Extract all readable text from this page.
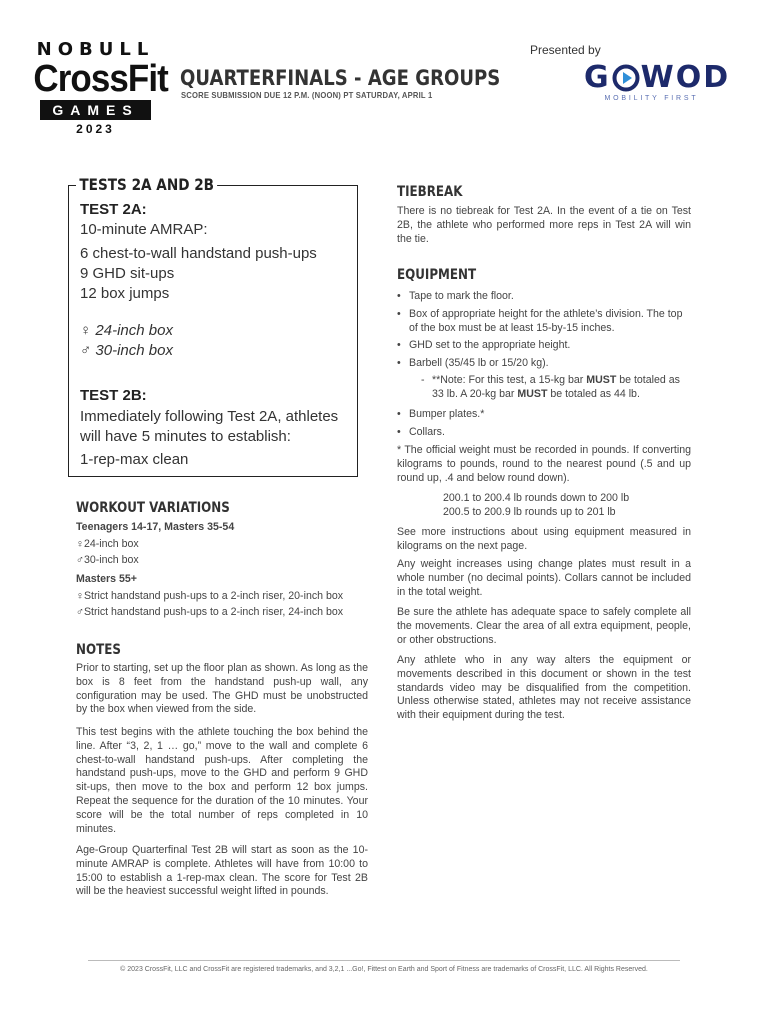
NOBULL
CrossFit
GAMES
2023
QUARTERFINALS - AGE GROUPS
SCORE SUBMISSION DUE 12 P.M. (NOON) PT SATURDAY, APRIL 1
Presented by
G WOD
MOBILITY FIRST
TESTS 2A AND 2B
TEST 2A:
10-minute AMRAP:
6 chest-to-wall handstand push-ups
9 GHD sit-ups
12 box jumps
♀ 24-inch box
♂ 30-inch box
TEST 2B:
Immediately following Test 2A, athletes
will have 5 minutes to establish:
1-rep-max clean
WORKOUT VARIATIONS
Teenagers 14-17, Masters 35-54
♀24-inch box
♂30-inch box
Masters 55+
♀Strict handstand push-ups to a 2-inch riser, 20-inch box
♂Strict handstand push-ups to a 2-inch riser, 24-inch box
NOTES
Prior to starting, set up the floor plan as shown. As long as the box is 8 feet from the handstand push-up wall, any configuration may be used. The GHD must be unobstructed by the box when viewed from the side.
This test begins with the athlete touching the box behind the line. After “3, 2, 1 … go,” move to the wall and complete 6 chest-to-wall handstand push-ups. After completing the handstand push-ups, move to the GHD and perform 9 GHD sit-ups, then move to the box and perform 12 box jumps. Repeat the sequence for the duration of the 10 minutes. Your score will be the total number of reps completed in 10 minutes.
Age-Group Quarterfinal Test 2B will start as soon as the 10-minute AMRAP is complete. Athletes will have from 10:00 to 15:00 to establish a 1-rep-max clean. The score for Test 2B will be the heaviest successful weight lifted in pounds.
TIEBREAK
There is no tiebreak for Test 2A. In the event of a tie on Test 2B, the athlete who performed more reps in Test 2A will win the tie.
EQUIPMENT
• Tape to mark the floor.
• Box of appropriate height for the athlete’s division. The top of the box must be at least 15-by-15 inches.
• GHD set to the appropriate height.
• Barbell (35/45 lb or 15/20 kg).
- **Note: For this test, a 15-kg bar MUST be totaled as 33 lb. A 20-kg bar MUST be totaled as 44 lb.
• Bumper plates.*
• Collars.
* The official weight must be recorded in pounds. If converting kilograms to pounds, round to the nearest pound (.5 and up round up, .4 and below round down).
200.1 to 200.4 lb rounds down to 200 lb
200.5 to 200.9 lb rounds up to 201 lb
See more instructions about using equipment measured in kilograms on the next page.
Any weight increases using change plates must result in a whole number (no decimal points). Collars cannot be included in the total weight.
Be sure the athlete has adequate space to safely complete all the movements. Clear the area of all extra equipment, people, or other obstructions.
Any athlete who in any way alters the equipment or movements described in this document or shown in the test standards video may be disqualified from the competition. Unless otherwise stated, athletes may not receive assistance with their equipment during the test.
© 2023 CrossFit, LLC and CrossFit are registered trademarks, and 3,2,1 ...Go!, Fittest on Earth and Sport of Fitness are trademarks of CrossFit, LLC. All Rights Reserved.
